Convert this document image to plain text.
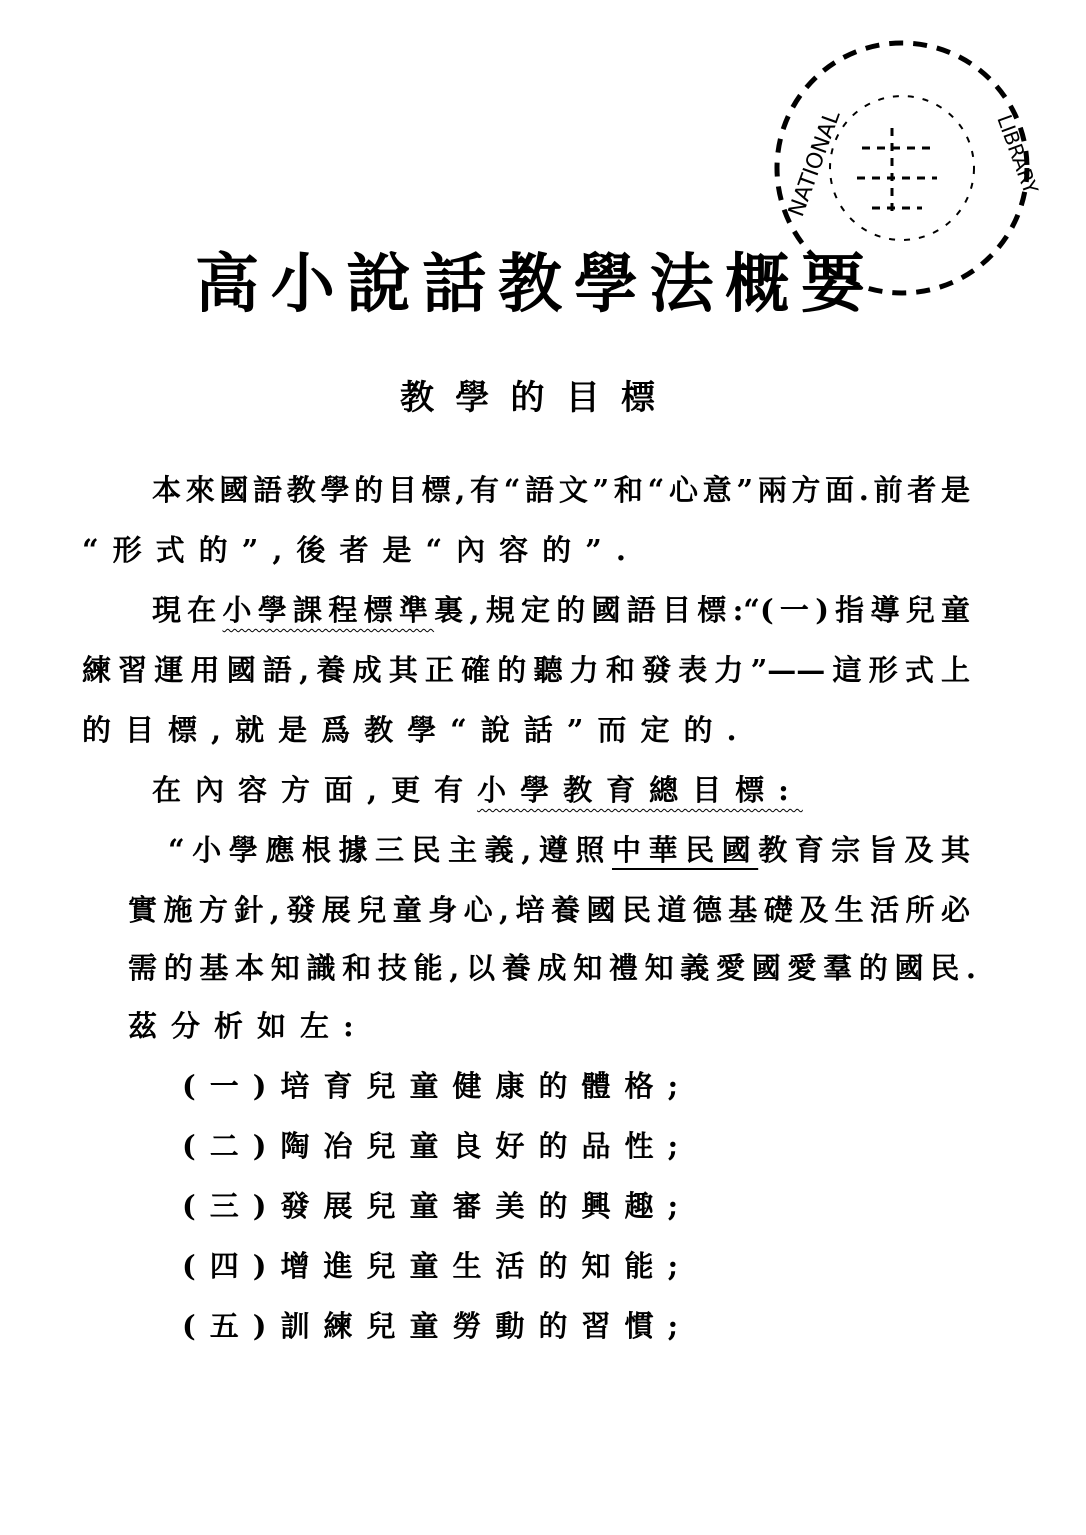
NATIONAL	LIBRARY
高小說話教學法概要
教學的目標
本來國語教學的目標,有“語文”和“心意”兩方面.前者是
“形式的”,後者是“內容的”.
現在小學課程標準裏,規定的國語目標:“(一)指導兒童
練習運用國語,養成其正確的聽力和發表力”——這形式上
的目標,就是爲教學“說話”而定的.
在內容方面,更有小學教育總目標:
“小學應根據三民主義,遵照中華民國教育宗旨及其
實施方針,發展兒童身心,培養國民道德基礎及生活所必
需的基本知識和技能,以養成知禮知義愛國愛羣的國民.
茲分析如左:
(一)培育兒童健康的體格;
(二)陶冶兒童良好的品性;
(三)發展兒童審美的興趣;
(四)增進兒童生活的知能;
(五)訓練兒童勞動的習慣;
